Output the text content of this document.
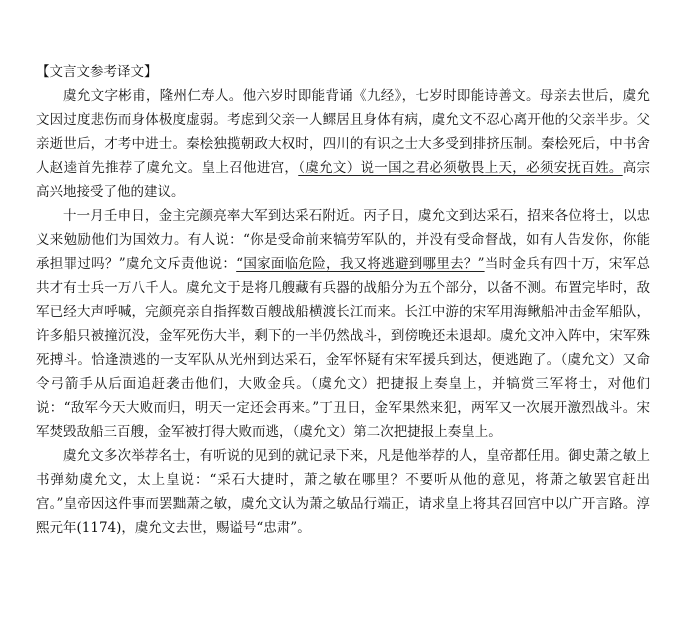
【文言文参考译文】

虞允文字彬甫，隆州仁寿人。他六岁时即能背诵《九经》，七岁时即能诗善文。母亲去世后，虞允文因过度悲伤而身体极度虚弱。考虑到父亲一人鳏居且身体有病，虞允文不忍心离开他的父亲半步。父亲逝世后，才考中进士。秦桧独揽朝政大权时，四川的有识之士大多受到排挤压制。秦桧死后，中书舍人赵逵首先推荐了虞允文。皇上召他进宫，（虞允文）说一国之君必须敬畏上天，必须安抚百姓。高宗高兴地接受了他的建议。

十一月壬申日，金主完颜亮率大军到达采石附近。丙子日，虞允文到达采石，招来各位将士，以忠义来勉励他们为国效力。有人说：“你是受命前来犒劳军队的，并没有受命督战，如有人告发你，你能承担罪过吗？”虞允文斥责他说：“国家面临危险，我又将逃避到哪里去？”当时金兵有四十万，宋军总共才有士兵一万八千人。虞允文于是将几艘藏有兵器的战船分为五个部分，以备不测。布置完毕时，敌军已经大声呼喊，完颜亮亲自指挥数百艘战船横渡长江而来。长江中游的宋军用海鳅船冲击金军船队，许多船只被撞沉没，金军死伤大半，剩下的一半仍然战斗，到傍晚还未退却。虞允文冲入阵中，宋军殊死搏斗。恰逢溃逃的一支军队从光州到达采石，金军怀疑有宋军援兵到达，便逃跑了。（虞允文）又命令弓箭手从后面追赶袭击他们，大败金兵。（虞允文）把捷报上奏皇上，并犒赏三军将士，对他们说：“敌军今天大败而归，明天一定还会再来。”丁丑日，金军果然来犯，两军又一次展开激烈战斗。宋军焚毁敌船三百艘，金军被打得大败而逃，（虞允文）第二次把捷报上奏皇上。

虞允文多次举荐名士，有听说的见到的就记录下来，凡是他举荐的人，皇帝都任用。御史萧之敏上书弹劾虞允文，太上皇说：“采石大捷时，萧之敏在哪里？不要听从他的意见，将萧之敏罢官赶出宫。”皇帝因这件事而罢黜萧之敏，虞允文认为萧之敏品行端正，请求皇上将其召回宫中以广开言路。淳熙元年(1174)，虞允文去世，赐谥号“忠肃”。
